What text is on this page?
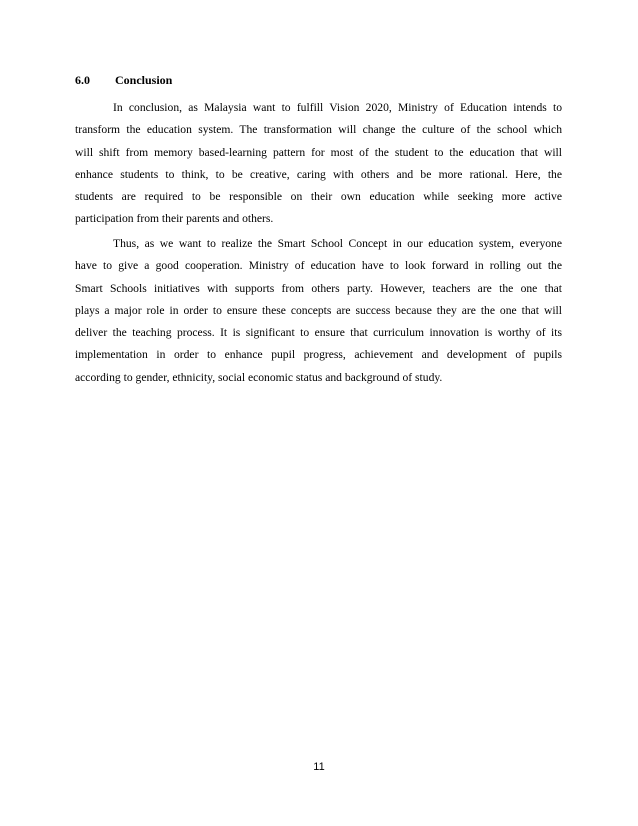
6.0 Conclusion

In conclusion, as Malaysia want to fulfill Vision 2020, Ministry of Education intends to
transform the education system. The transformation will change the culture of the school which
will shift from memory based-learning pattern for most of the student to the education that will
enhance students to think, to be creative, caring with others and be more rational. Here, the
students are required to be responsible on their own education while seeking more active
participation from their parents and others.

Thus, as we want to realize the Smart School Concept in our education system, everyone
have to give a good cooperation. Ministry of education have to look forward in rolling out the
Smart Schools initiatives with supports from others party. However, teachers are the one that
plays a major role in order to ensure these concepts are success because they are the one that will
deliver the teaching process. It is significant to ensure that curriculum innovation is worthy of its
implementation in order to enhance pupil progress, achievement and development of pupils
according to gender, ethnicity, social economic status and background of study.

11
